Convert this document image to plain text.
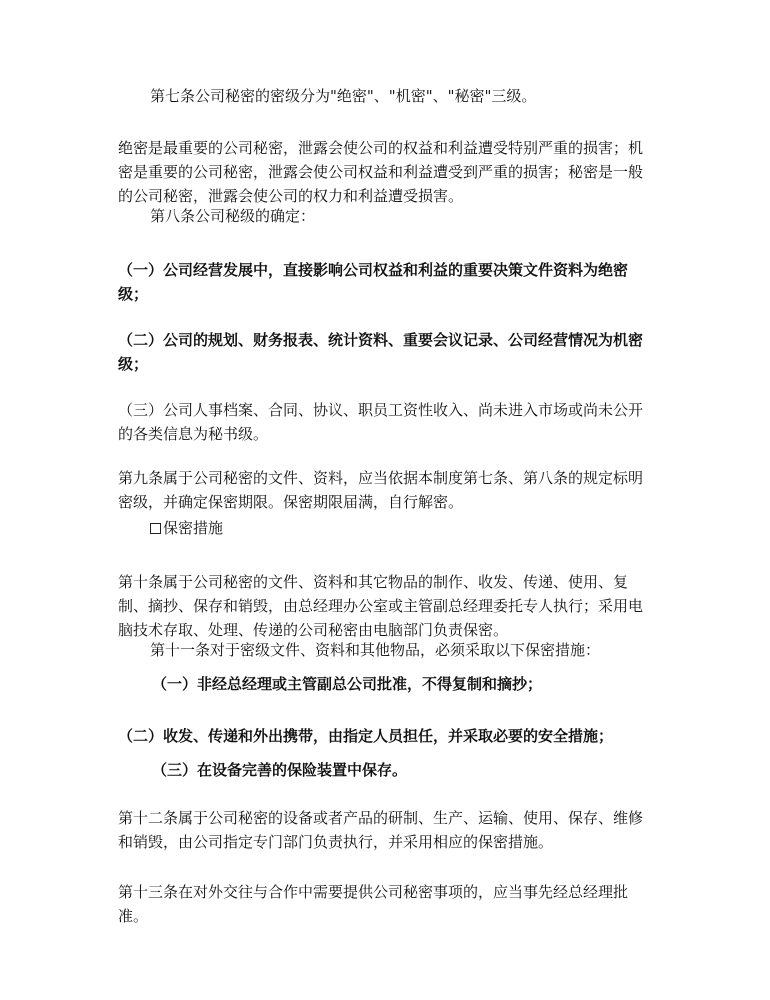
第七条公司秘密的密级分为"绝密"、"机密"、"秘密"三级。

绝密是最重要的公司秘密，泄露会使公司的权益和利益遭受特别严重的损害；机密是重要的公司秘密，泄露会使公司权益和利益遭受到严重的损害；秘密是一般的公司秘密，泄露会使公司的权力和利益遭受损害。

第八条公司秘级的确定：

（一）公司经营发展中，直接影响公司权益和利益的重要决策文件资料为绝密级；

（二）公司的规划、财务报表、统计资料、重要会议记录、公司经营情况为机密级；

（三）公司人事档案、合同、协议、职员工资性收入、尚未进入市场或尚未公开的各类信息为秘书级。

第九条属于公司秘密的文件、资料，应当依据本制度第七条、第八条的规定标明密级，并确定保密期限。保密期限届满，自行解密。

保密措施

第十条属于公司秘密的文件、资料和其它物品的制作、收发、传递、使用、复制、摘抄、保存和销毁，由总经理办公室或主管副总经理委托专人执行；采用电脑技术存取、处理、传递的公司秘密由电脑部门负责保密。

第十一条对于密级文件、资料和其他物品，必须采取以下保密措施：

（一）非经总经理或主管副总公司批准，不得复制和摘抄；

（二）收发、传递和外出携带，由指定人员担任，并采取必要的安全措施；

（三）在设备完善的保险装置中保存。

第十二条属于公司秘密的设备或者产品的研制、生产、运输、使用、保存、维修和销毁，由公司指定专门部门负责执行，并采用相应的保密措施。

第十三条在对外交往与合作中需要提供公司秘密事项的，应当事先经总经理批准。
